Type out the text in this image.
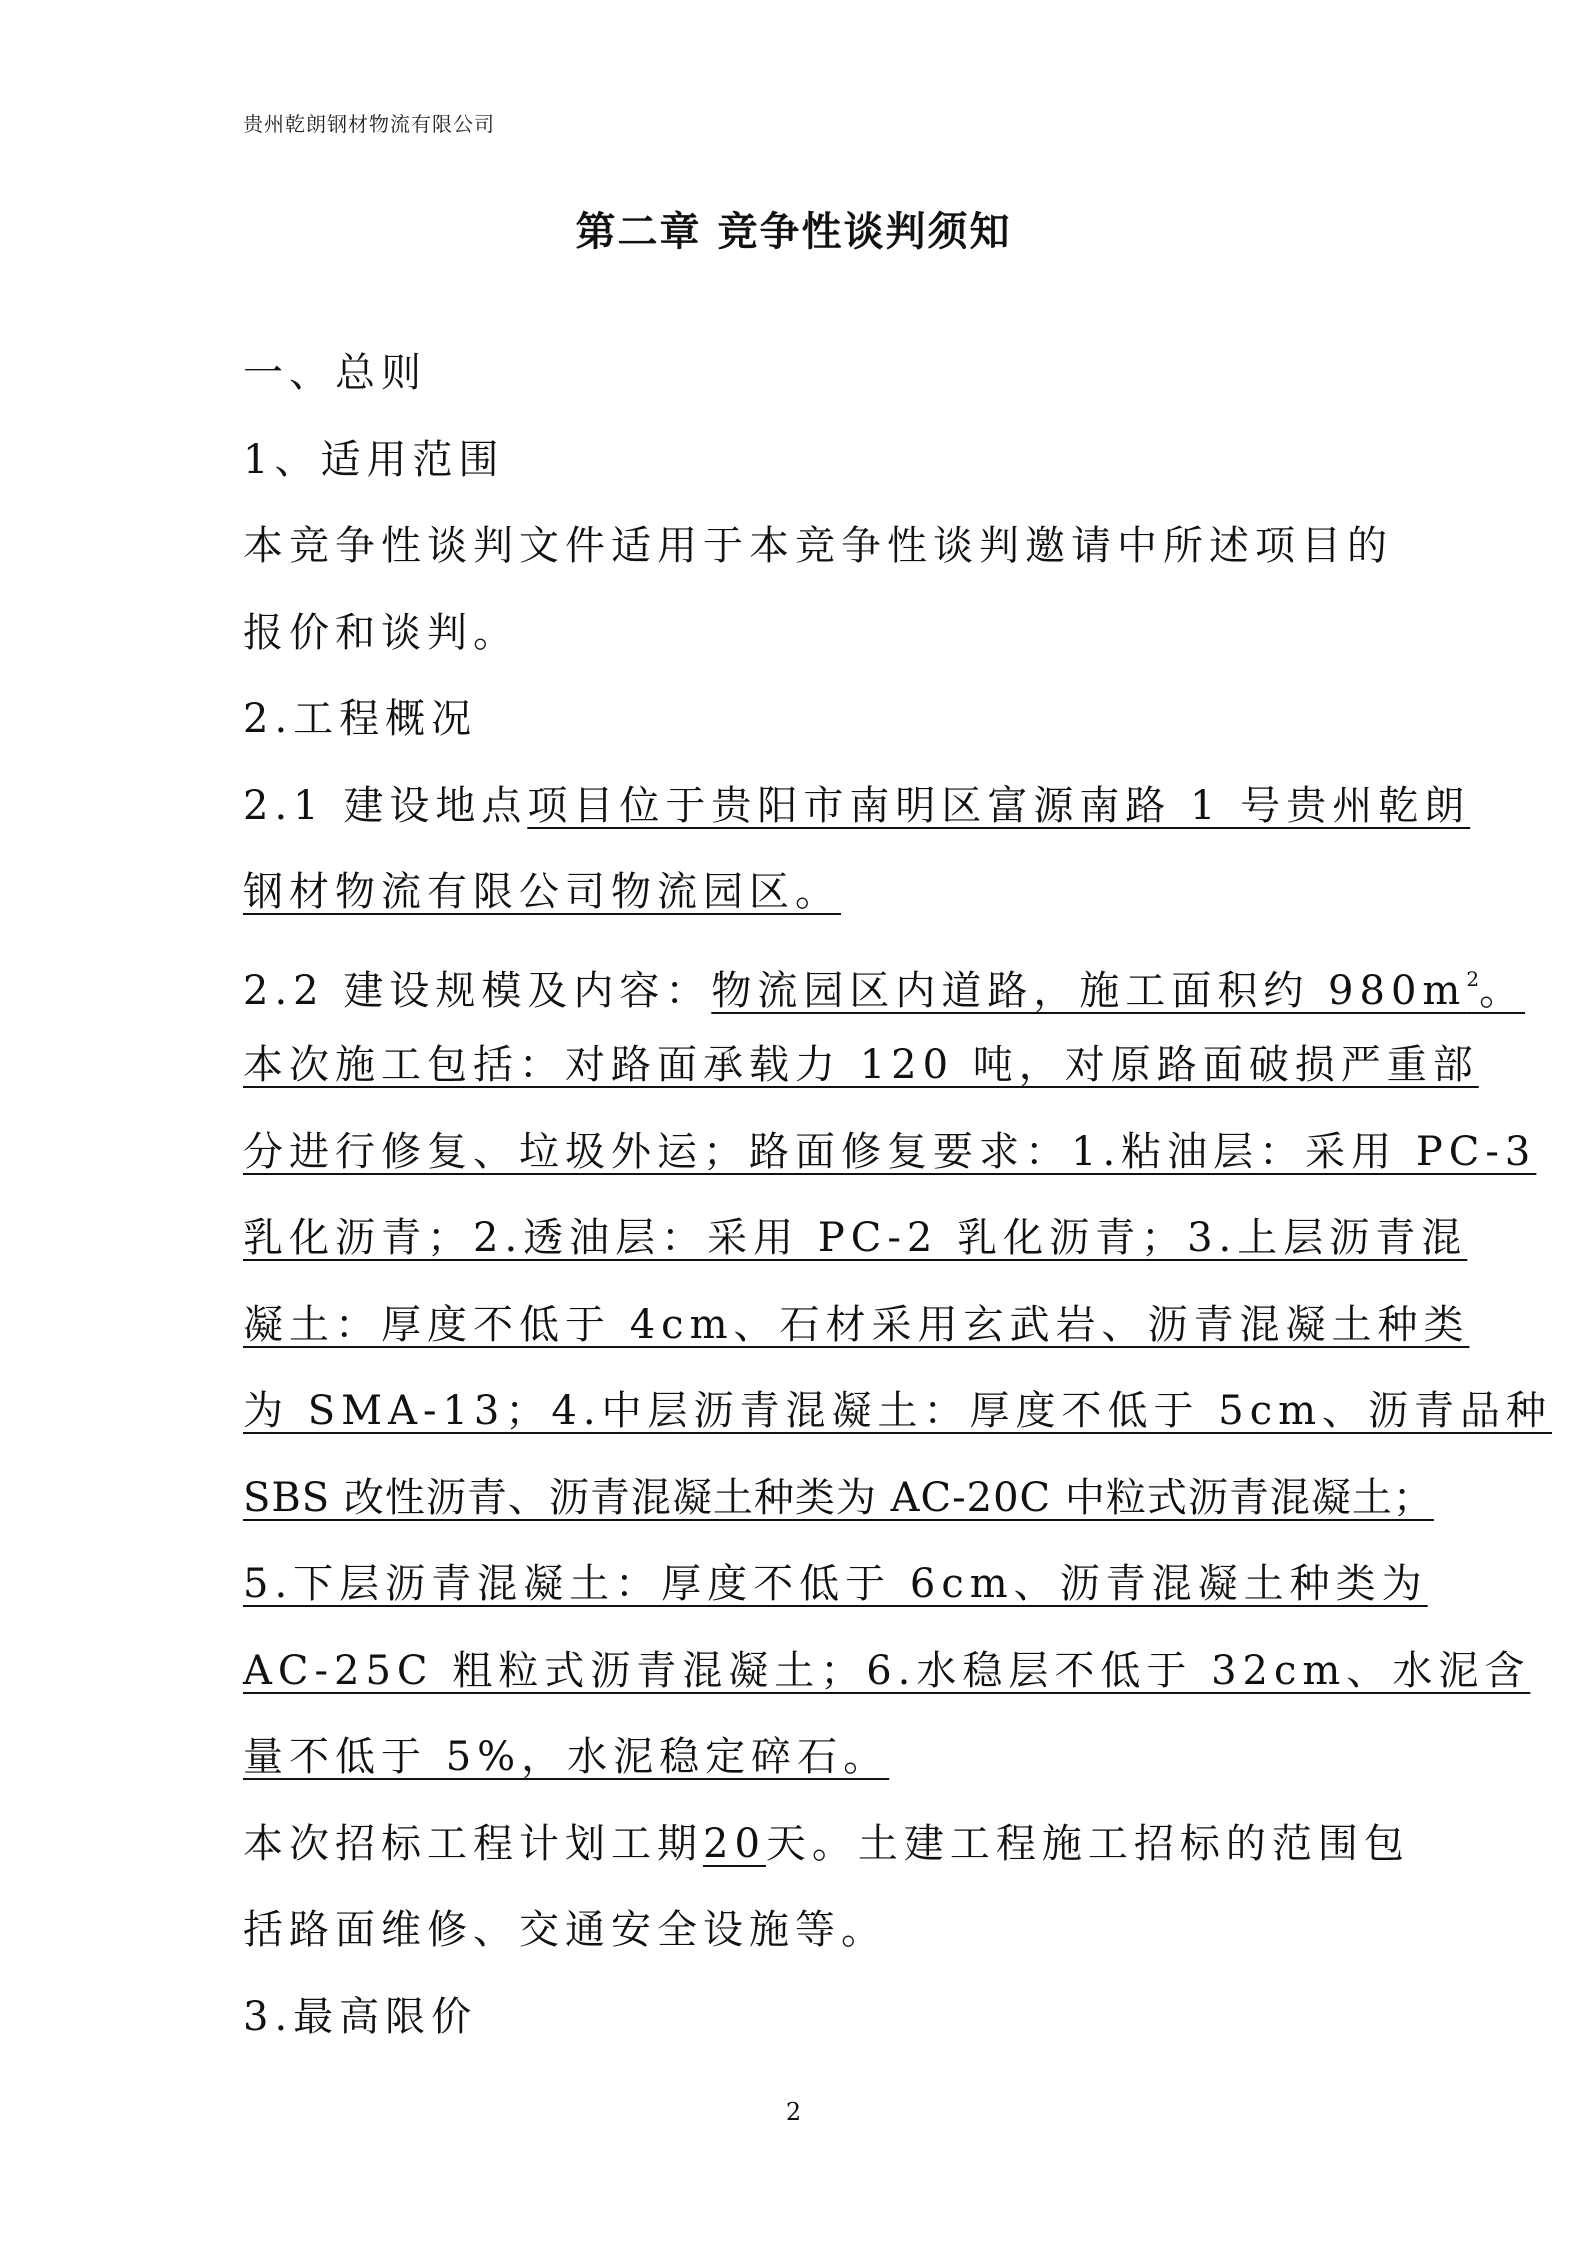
贵州乾朗钢材物流有限公司
第二章 竞争性谈判须知
一、总则
1、适用范围
本竞争性谈判文件适用于本竞争性谈判邀请中所述项目的
报价和谈判。
2.工程概况
2.1 建设地点项目位于贵阳市南明区富源南路 1 号贵州乾朗
钢材物流有限公司物流园区。
2.2 建设规模及内容：物流园区内道路，施工面积约 $980m^2$。
本次施工包括：对路面承载力 120 吨，对原路面破损严重部
分进行修复、垃圾外运；路面修复要求：1.粘油层：采用 PC-3
乳化沥青；2.透油层：采用 PC-2 乳化沥青；3.上层沥青混
凝土：厚度不低于 4cm、石材采用玄武岩、沥青混凝土种类
为 SMA-13；4.中层沥青混凝土：厚度不低于 5cm、沥青品种
SBS 改性沥青、沥青混凝土种类为 AC-20C 中粒式沥青混凝土；
5.下层沥青混凝土：厚度不低于 6cm、沥青混凝土种类为
AC-25C 粗粒式沥青混凝土；6.水稳层不低于 32cm、水泥含
量不低于 5%，水泥稳定碎石。
本次招标工程计划工期20天。土建工程施工招标的范围包
括路面维修、交通安全设施等。
3.最高限价
2
